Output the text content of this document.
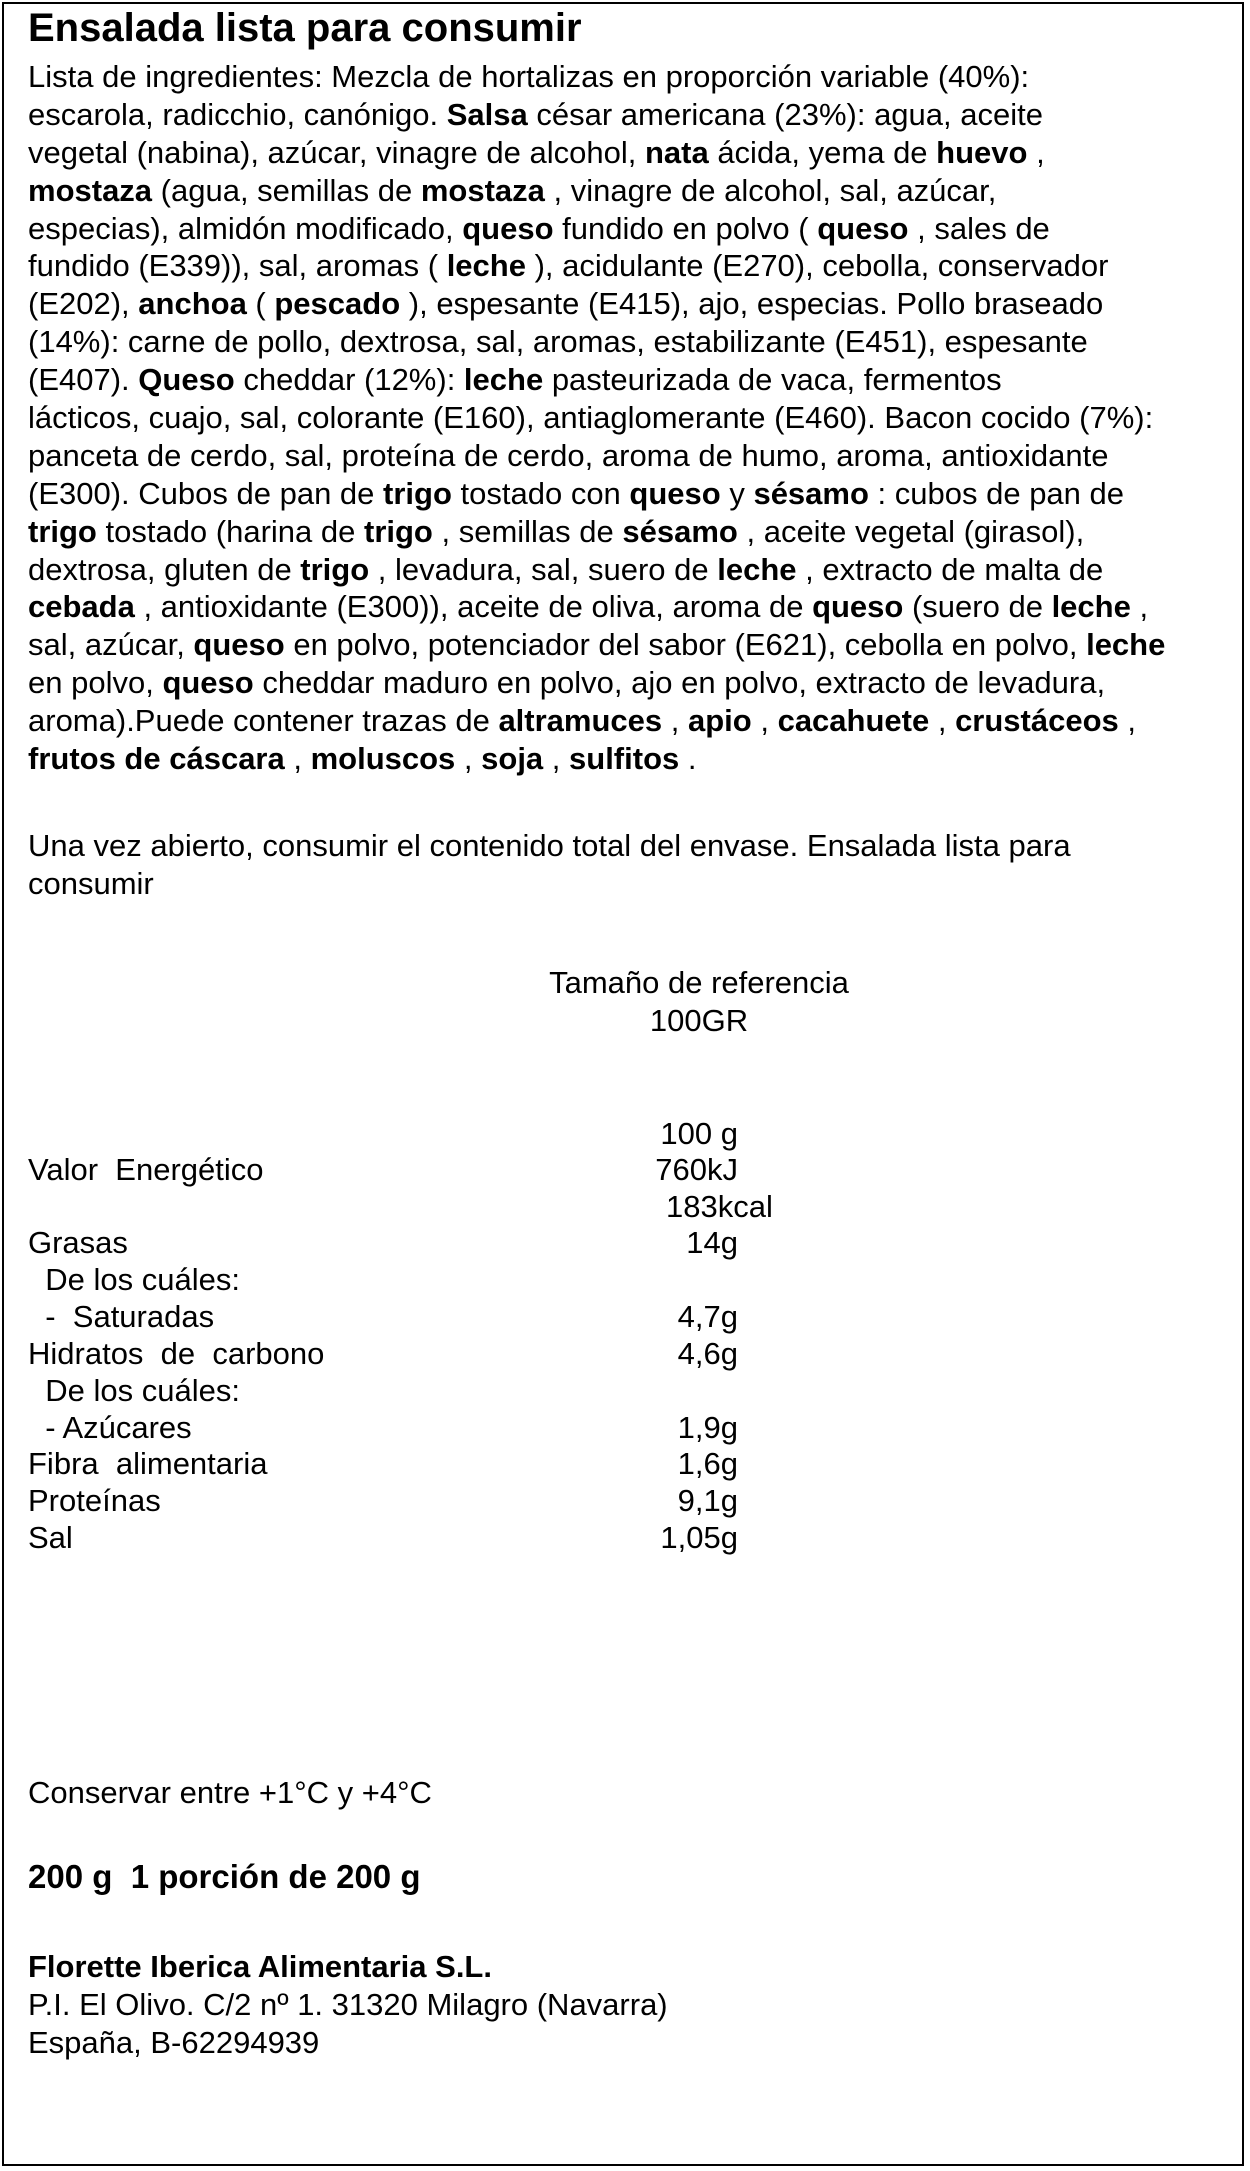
Ensalada lista para consumir
Lista de ingredientes: Mezcla de hortalizas en proporción variable (40%):
escarola, radicchio, canónigo. Salsa césar americana (23%): agua, aceite
vegetal (nabina), azúcar, vinagre de alcohol, nata ácida, yema de huevo ,
mostaza (agua, semillas de mostaza , vinagre de alcohol, sal, azúcar,
especias), almidón modificado, queso fundido en polvo ( queso , sales de
fundido (E339)), sal, aromas ( leche ), acidulante (E270), cebolla, conservador
(E202), anchoa ( pescado ), espesante (E415), ajo, especias. Pollo braseado
(14%): carne de pollo, dextrosa, sal, aromas, estabilizante (E451), espesante
(E407). Queso cheddar (12%): leche pasteurizada de vaca, fermentos
lácticos, cuajo, sal, colorante (E160), antiaglomerante (E460). Bacon cocido (7%):
panceta de cerdo, sal, proteína de cerdo, aroma de humo, aroma, antioxidante
(E300). Cubos de pan de trigo tostado con queso y sésamo : cubos de pan de
trigo tostado (harina de trigo , semillas de sésamo , aceite vegetal (girasol),
dextrosa, gluten de trigo , levadura, sal, suero de leche , extracto de malta de
cebada , antioxidante (E300)), aceite de oliva, aroma de queso (suero de leche ,
sal, azúcar, queso en polvo, potenciador del sabor (E621), cebolla en polvo, leche
en polvo, queso cheddar maduro en polvo, ajo en polvo, extracto de levadura,
aroma).Puede contener trazas de altramuces , apio , cacahuete , crustáceos ,
frutos de cáscara , moluscos , soja , sulfitos .
Una vez abierto, consumir el contenido total del envase. Ensalada lista para
consumir
Tamaño de referencia
100GR
100 g
Valor  Energético	760kJ
183kcal
Grasas	14g
De los cuáles:
-  Saturadas	4,7g
Hidratos  de  carbono	4,6g
De los cuáles:
- Azúcares	1,9g
Fibra  alimentaria	1,6g
Proteínas	9,1g
Sal	1,05g
Conservar entre +1°C y +4°C
200 g  1 porción de 200 g
Florette Iberica Alimentaria S.L.
P.I. El Olivo. C/2 nº 1. 31320 Milagro (Navarra)
España, B-62294939
